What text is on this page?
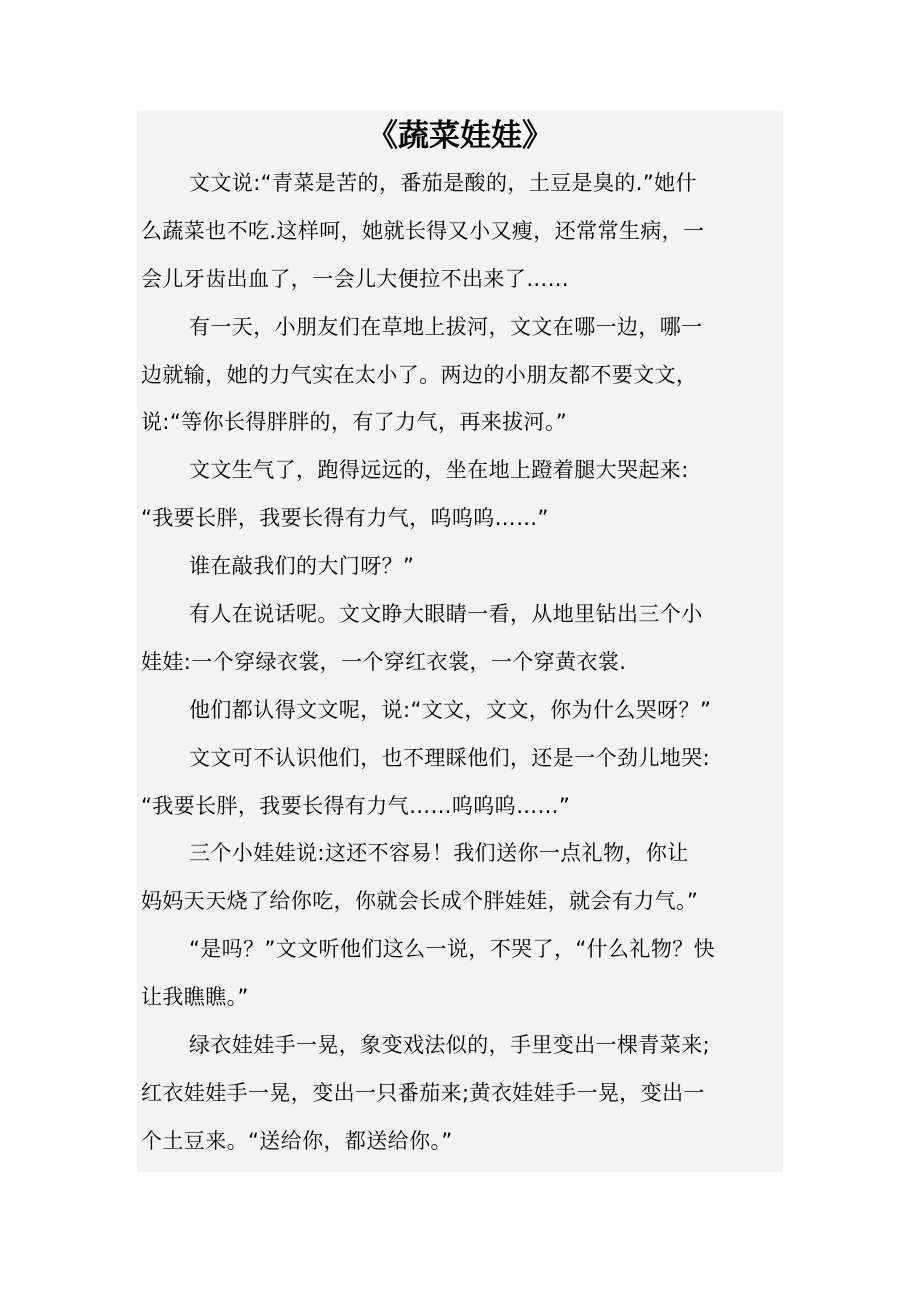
《蔬菜娃娃》

文文说:“青菜是苦的，番茄是酸的，土豆是臭的.”她什
么蔬菜也不吃.这样呵，她就长得又小又瘦，还常常生病，一
会儿牙齿出血了，一会儿大便拉不出来了……

有一天，小朋友们在草地上拔河，文文在哪一边，哪一
边就输，她的力气实在太小了。两边的小朋友都不要文文，
说:“等你长得胖胖的，有了力气，再来拔河。”

文文生气了，跑得远远的，坐在地上蹬着腿大哭起来:
“我要长胖，我要长得有力气，呜呜呜……”

谁在敲我们的大门呀？”

有人在说话呢。文文睁大眼睛一看，从地里钻出三个小
娃娃:一个穿绿衣裳，一个穿红衣裳，一个穿黄衣裳.

他们都认得文文呢，说:“文文，文文，你为什么哭呀？”

文文可不认识他们，也不理睬他们，还是一个劲儿地哭:
“我要长胖，我要长得有力气……呜呜呜……”

三个小娃娃说:这还不容易！我们送你一点礼物，你让
妈妈天天烧了给你吃，你就会长成个胖娃娃，就会有力气。”

“是吗？”文文听他们这么一说，不哭了，“什么礼物？快
让我瞧瞧。”

绿衣娃娃手一晃，象变戏法似的，手里变出一棵青菜来;
红衣娃娃手一晃，变出一只番茄来;黄衣娃娃手一晃，变出一
个土豆来。“送给你，都送给你。”
